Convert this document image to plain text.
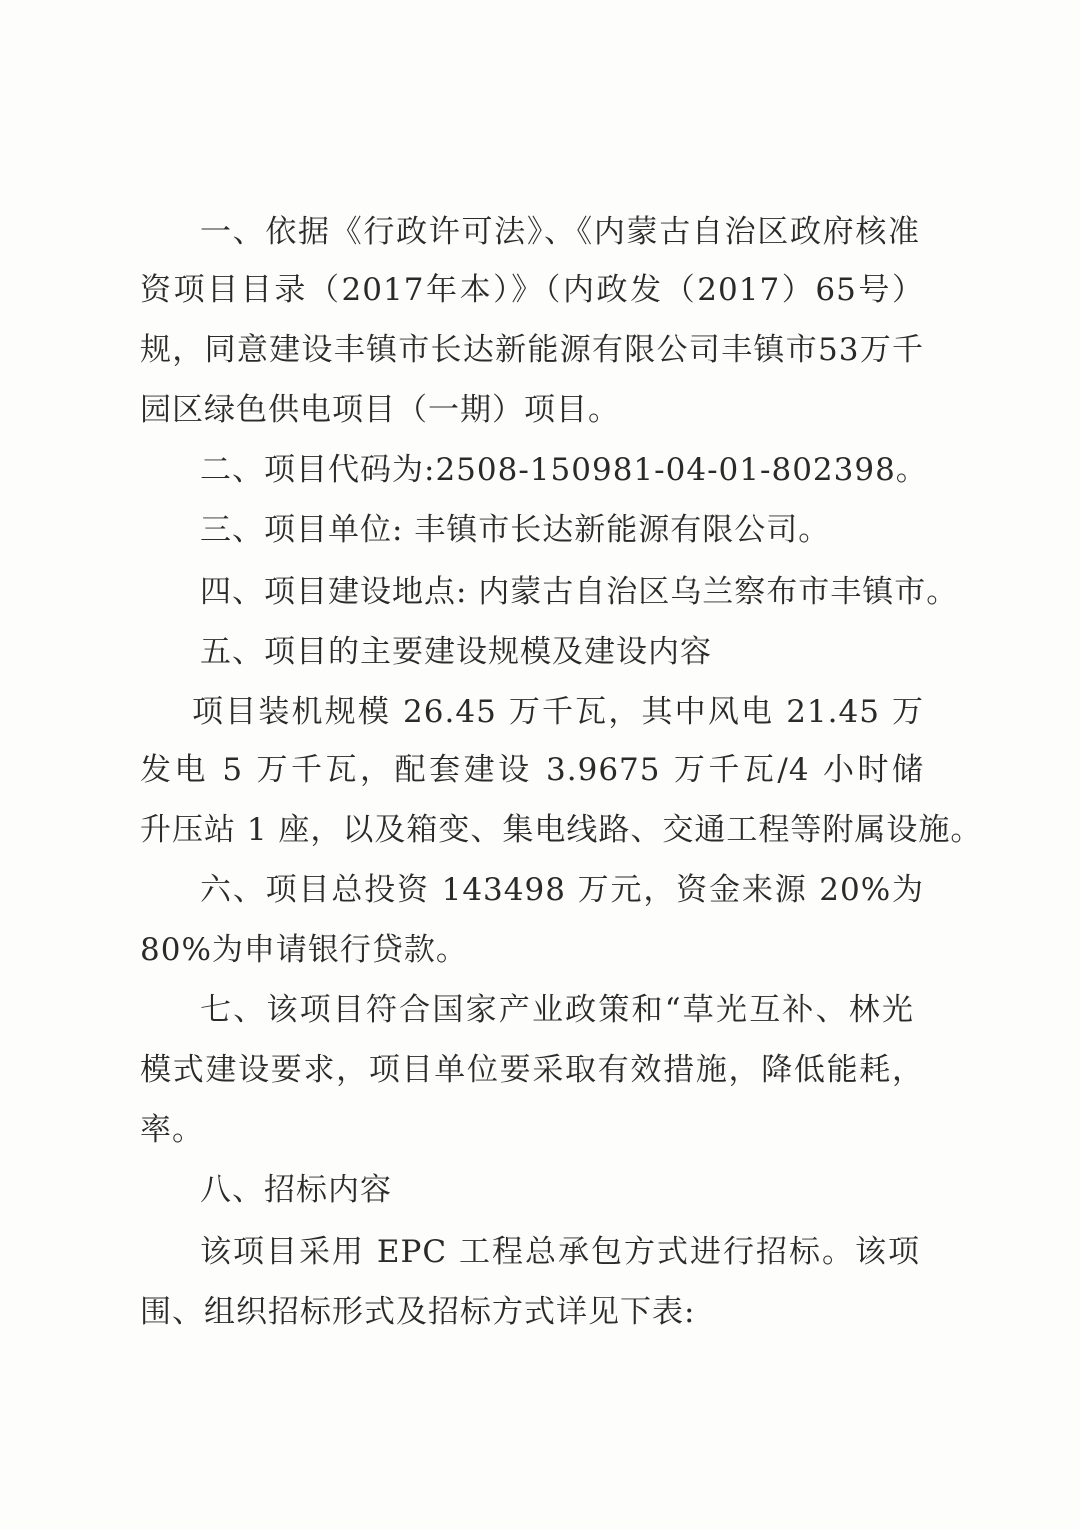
一、依据《行政许可法》、《内蒙古自治区政府核准
资项目目录（2017年本）》（内政发（2017）65号）
规，同意建设丰镇市长达新能源有限公司丰镇市53万千
园区绿色供电项目（一期）项目。
二、项目代码为:2508-150981-04-01-802398。
三、项目单位: 丰镇市长达新能源有限公司。
四、项目建设地点: 内蒙古自治区乌兰察布市丰镇市。
五、项目的主要建设规模及建设内容
项目装机规模 26.45 万千瓦，其中风电 21.45 万
发电 5 万千瓦，配套建设 3.9675 万千瓦/4 小时储
升压站 1 座，以及箱变、集电线路、交通工程等附属设施。
六、项目总投资 143498 万元，资金来源 20%为
80%为申请银行贷款。
七、该项目符合国家产业政策和“草光互补、林光
模式建设要求，项目单位要采取有效措施，降低能耗，
率。
八、招标内容
该项目采用 EPC 工程总承包方式进行招标。该项
围、组织招标形式及招标方式详见下表:
